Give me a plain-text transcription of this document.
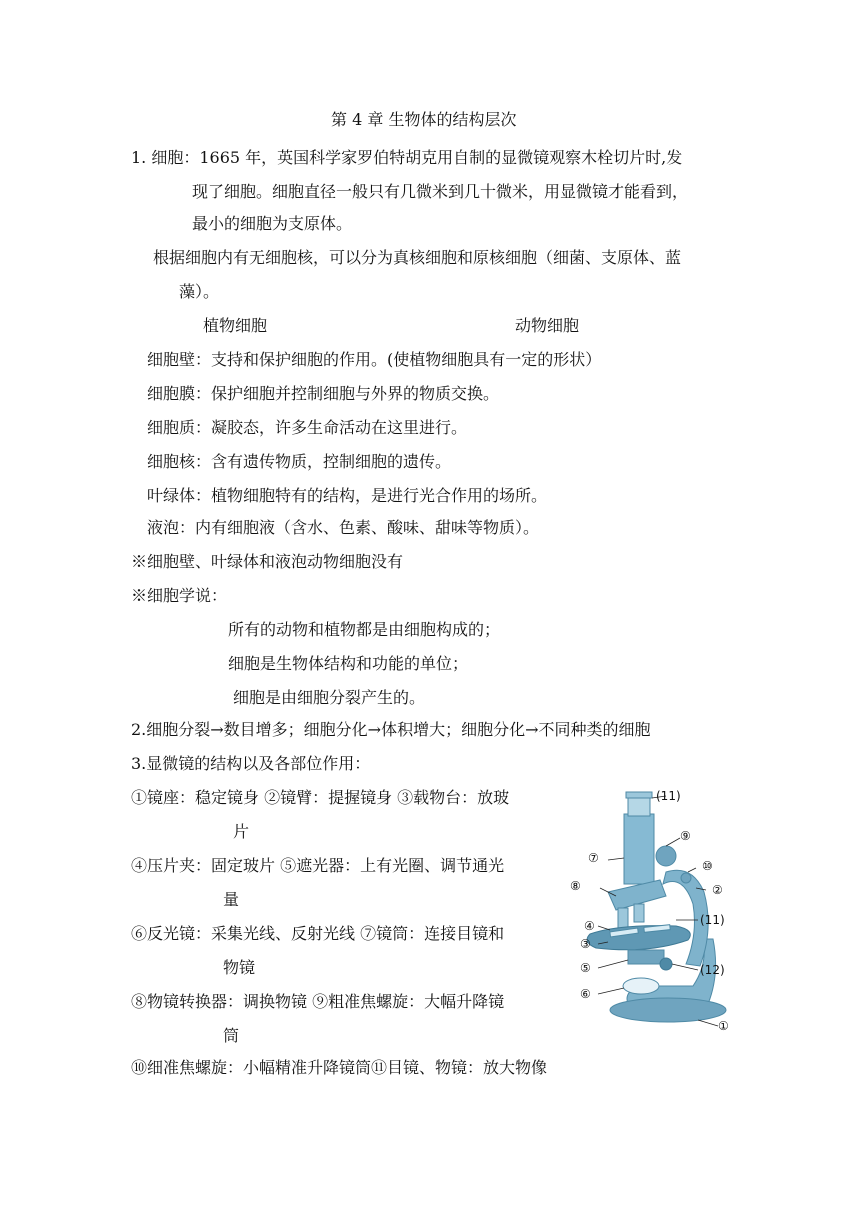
第 4 章 生物体的结构层次
1. 细胞：1665 年，英国科学家罗伯特胡克用自制的显微镜观察木栓切片时,发
现了细胞。细胞直径一般只有几微米到几十微米，用显微镜才能看到，
最小的细胞为支原体。
根据细胞内有无细胞核，可以分为真核细胞和原核细胞（细菌、支原体、蓝
藻）。
植物细胞	动物细胞
细胞壁：支持和保护细胞的作用。(使植物细胞具有一定的形状）
细胞膜：保护细胞并控制细胞与外界的物质交换。
细胞质：凝胶态，许多生命活动在这里进行。
细胞核：含有遗传物质，控制细胞的遗传。
叶绿体：植物细胞特有的结构，是进行光合作用的场所。
液泡：内有细胞液（含水、色素、酸味、甜味等物质）。
※细胞壁、叶绿体和液泡动物细胞没有
※细胞学说：
所有的动物和植物都是由细胞构成的；
细胞是生物体结构和功能的单位；
细胞是由细胞分裂产生的。
2.细胞分裂→数目增多；细胞分化→体积增大；细胞分化→不同种类的细胞
3.显微镜的结构以及各部位作用：
①镜座：稳定镜身 ②镜臂：提握镜身 ③载物台：放玻
片
④压片夹：固定玻片 ⑤遮光器：上有光圈、调节通光
量
⑥反光镜：采集光线、反射光线 ⑦镜筒：连接目镜和
物镜
⑧物镜转换器：调换物镜 ⑨粗准焦螺旋：大幅升降镜
筒
⑩细准焦螺旋：小幅精准升降镜筒⑪目镜、物镜：放大物像
(11)
⑨
⑩
⑦
⑧	②
④	(11)
③
⑤	(12)
⑥
①
